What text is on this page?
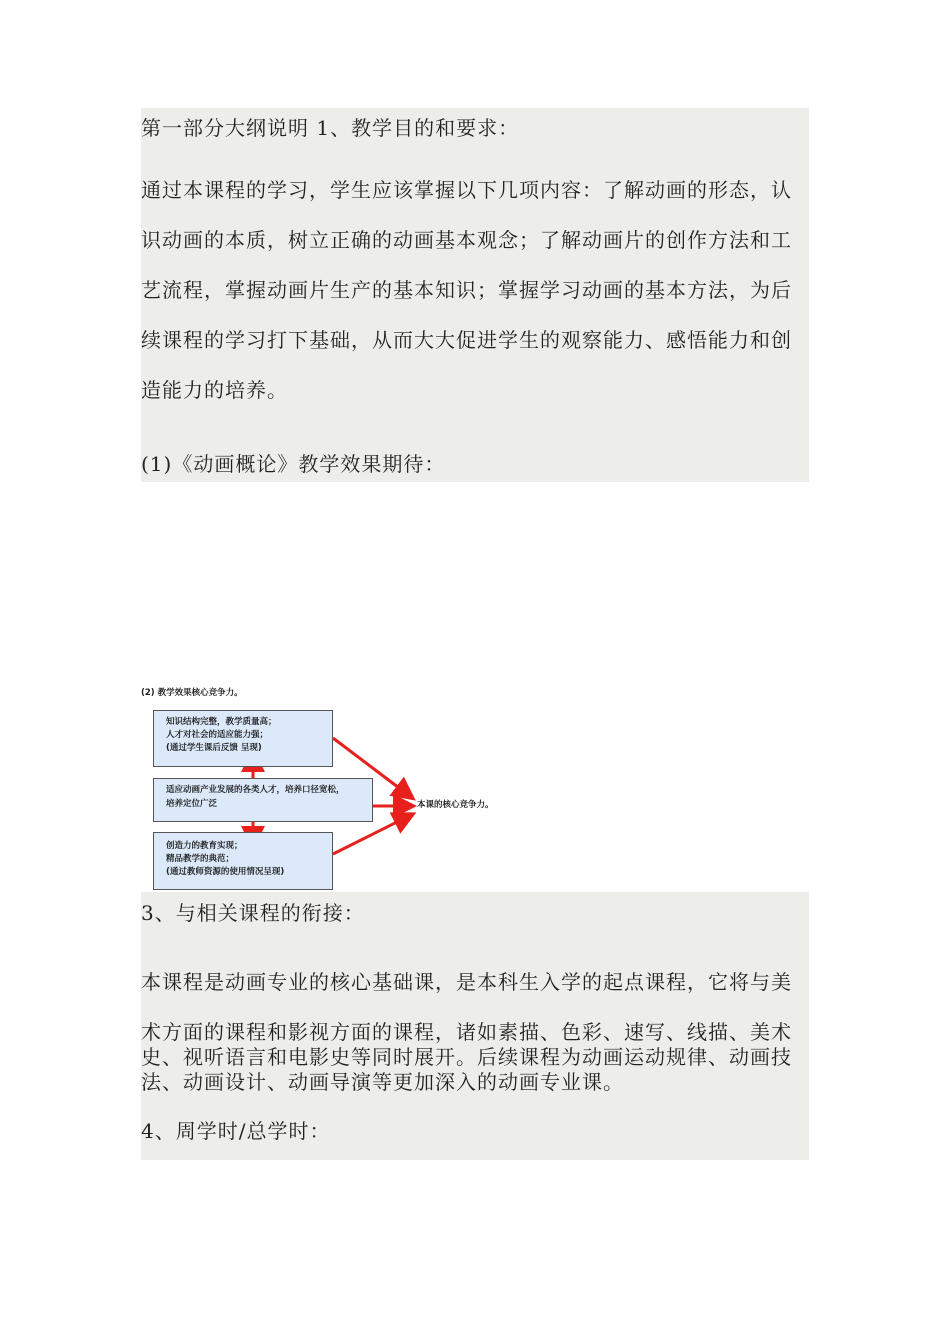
第一部分大纲说明 1、教学目的和要求：
通过本课程的学习，学生应该掌握以下几项内容：了解动画的形态，认
识动画的本质，树立正确的动画基本观念；了解动画片的创作方法和工
艺流程，掌握动画片生产的基本知识；掌握学习动画的基本方法，为后
续课程的学习打下基础，从而大大促进学生的观察能力、感悟能力和创
造能力的培养。
(1)《动画概论》教学效果期待：
(2) 教学效果核心竞争力。
知识结构完整，教学质量高；
人才对社会的适应能力强；
(通过学生课后反馈 呈现)
适应动画产业发展的各类人才，培养口径宽松，
培养定位广泛
创造力的教育实现；
精品教学的典范；
(通过教师资源的使用情况呈现)
本课的核心竞争力。
3、与相关课程的衔接：
本课程是动画专业的核心基础课，是本科生入学的起点课程，它将与美
术方面的课程和影视方面的课程，诸如素描、色彩、速写、线描、美术
史、视听语言和电影史等同时展开。后续课程为动画运动规律、动画技
法、动画设计、动画导演等更加深入的动画专业课。
4、周学时/总学时：
